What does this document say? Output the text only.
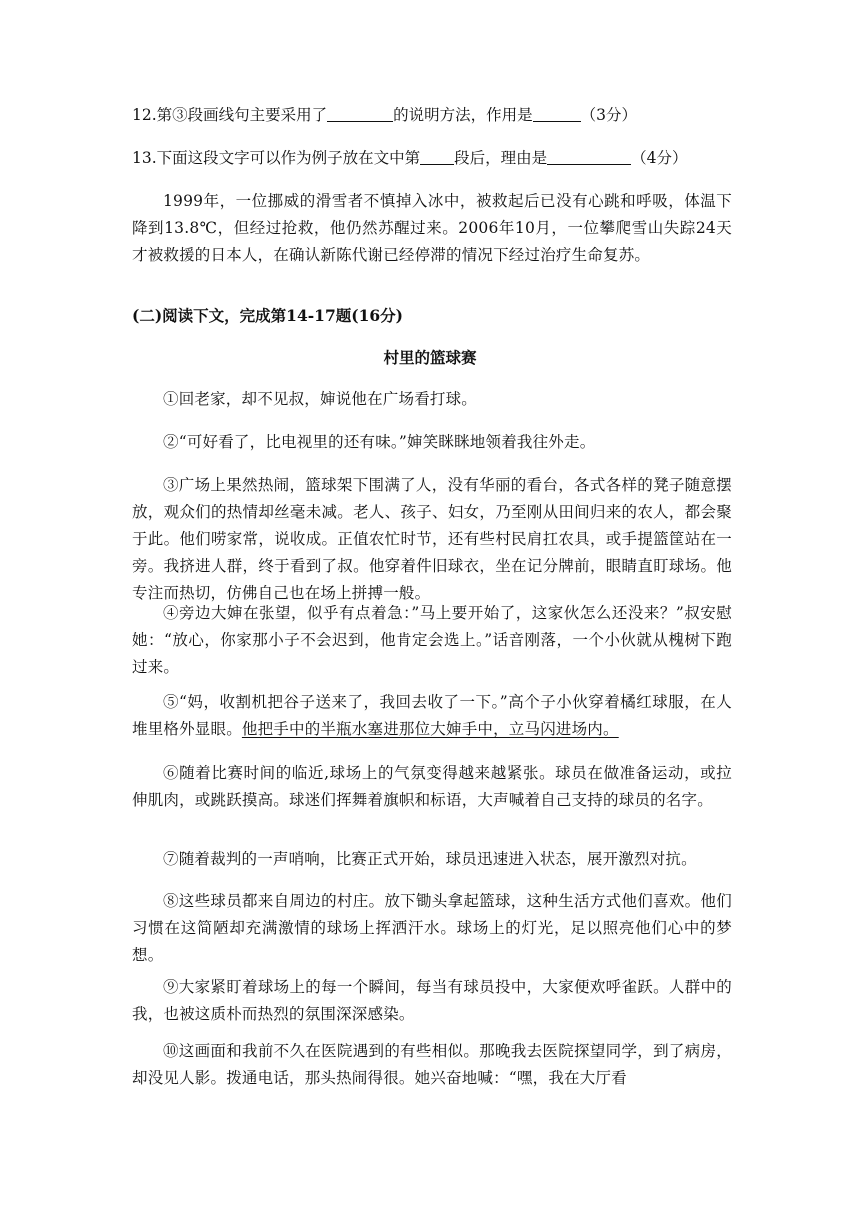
12.第③段画线句主要采用了	的说明方法，作用是	（3分）

13.下面这段文字可以作为例子放在文中第 段后，理由是	（4分）

1999年，一位挪威的滑雪者不慎掉入冰中，被救起后已没有心跳和呼吸，体温下降到13.8℃，但经过抢救，他仍然苏醒过来。2006年10月，一位攀爬雪山失踪24天才被救援的日本人，在确认新陈代谢已经停滞的情况下经过治疗生命复苏。

(二)阅读下文，完成第14-17题(16分)

村里的篮球赛

①回老家，却不见叔，婶说他在广场看打球。

②“可好看了，比电视里的还有味。”婶笑眯眯地领着我往外走。

③广场上果然热闹，篮球架下围满了人，没有华丽的看台，各式各样的凳子随意摆放，观众们的热情却丝毫未减。老人、孩子、妇女，乃至刚从田间归来的农人，都会聚于此。他们唠家常，说收成。正值农忙时节，还有些村民肩扛农具，或手提篮筐站在一旁。我挤进人群，终于看到了叔。他穿着件旧球衣，坐在记分牌前，眼睛直盯球场。他专注而热切，仿佛自己也在场上拼搏一般。

④旁边大婶在张望，似乎有点着急：”马上要开始了，这家伙怎么还没来？”叔安慰她：“放心，你家那小子不会迟到，他肯定会选上。”话音刚落，一个小伙就从槐树下跑过来。

⑤“妈，收割机把谷子送来了，我回去收了一下。”高个子小伙穿着橘红球服，在人堆里格外显眼。他把手中的半瓶水塞进那位大婶手中，立马闪进场内。

⑥随着比赛时间的临近,球场上的气氛变得越来越紧张。球员在做准备运动，或拉伸肌肉，或跳跃摸高。球迷们挥舞着旗帜和标语，大声喊着自己支持的球员的名字。

⑦随着裁判的一声哨响，比赛正式开始，球员迅速进入状态，展开激烈对抗。

⑧这些球员都来自周边的村庄。放下锄头拿起篮球，这种生活方式他们喜欢。他们习惯在这简陋却充满激情的球场上挥洒汗水。球场上的灯光，足以照亮他们心中的梦想。

⑨大家紧盯着球场上的每一个瞬间，每当有球员投中，大家便欢呼雀跃。人群中的我，也被这质朴而热烈的氛围深深感染。

⑩这画面和我前不久在医院遇到的有些相似。那晚我去医院探望同学，到了病房，却没见人影。拨通电话，那头热闹得很。她兴奋地喊：“嘿，我在大厅看
